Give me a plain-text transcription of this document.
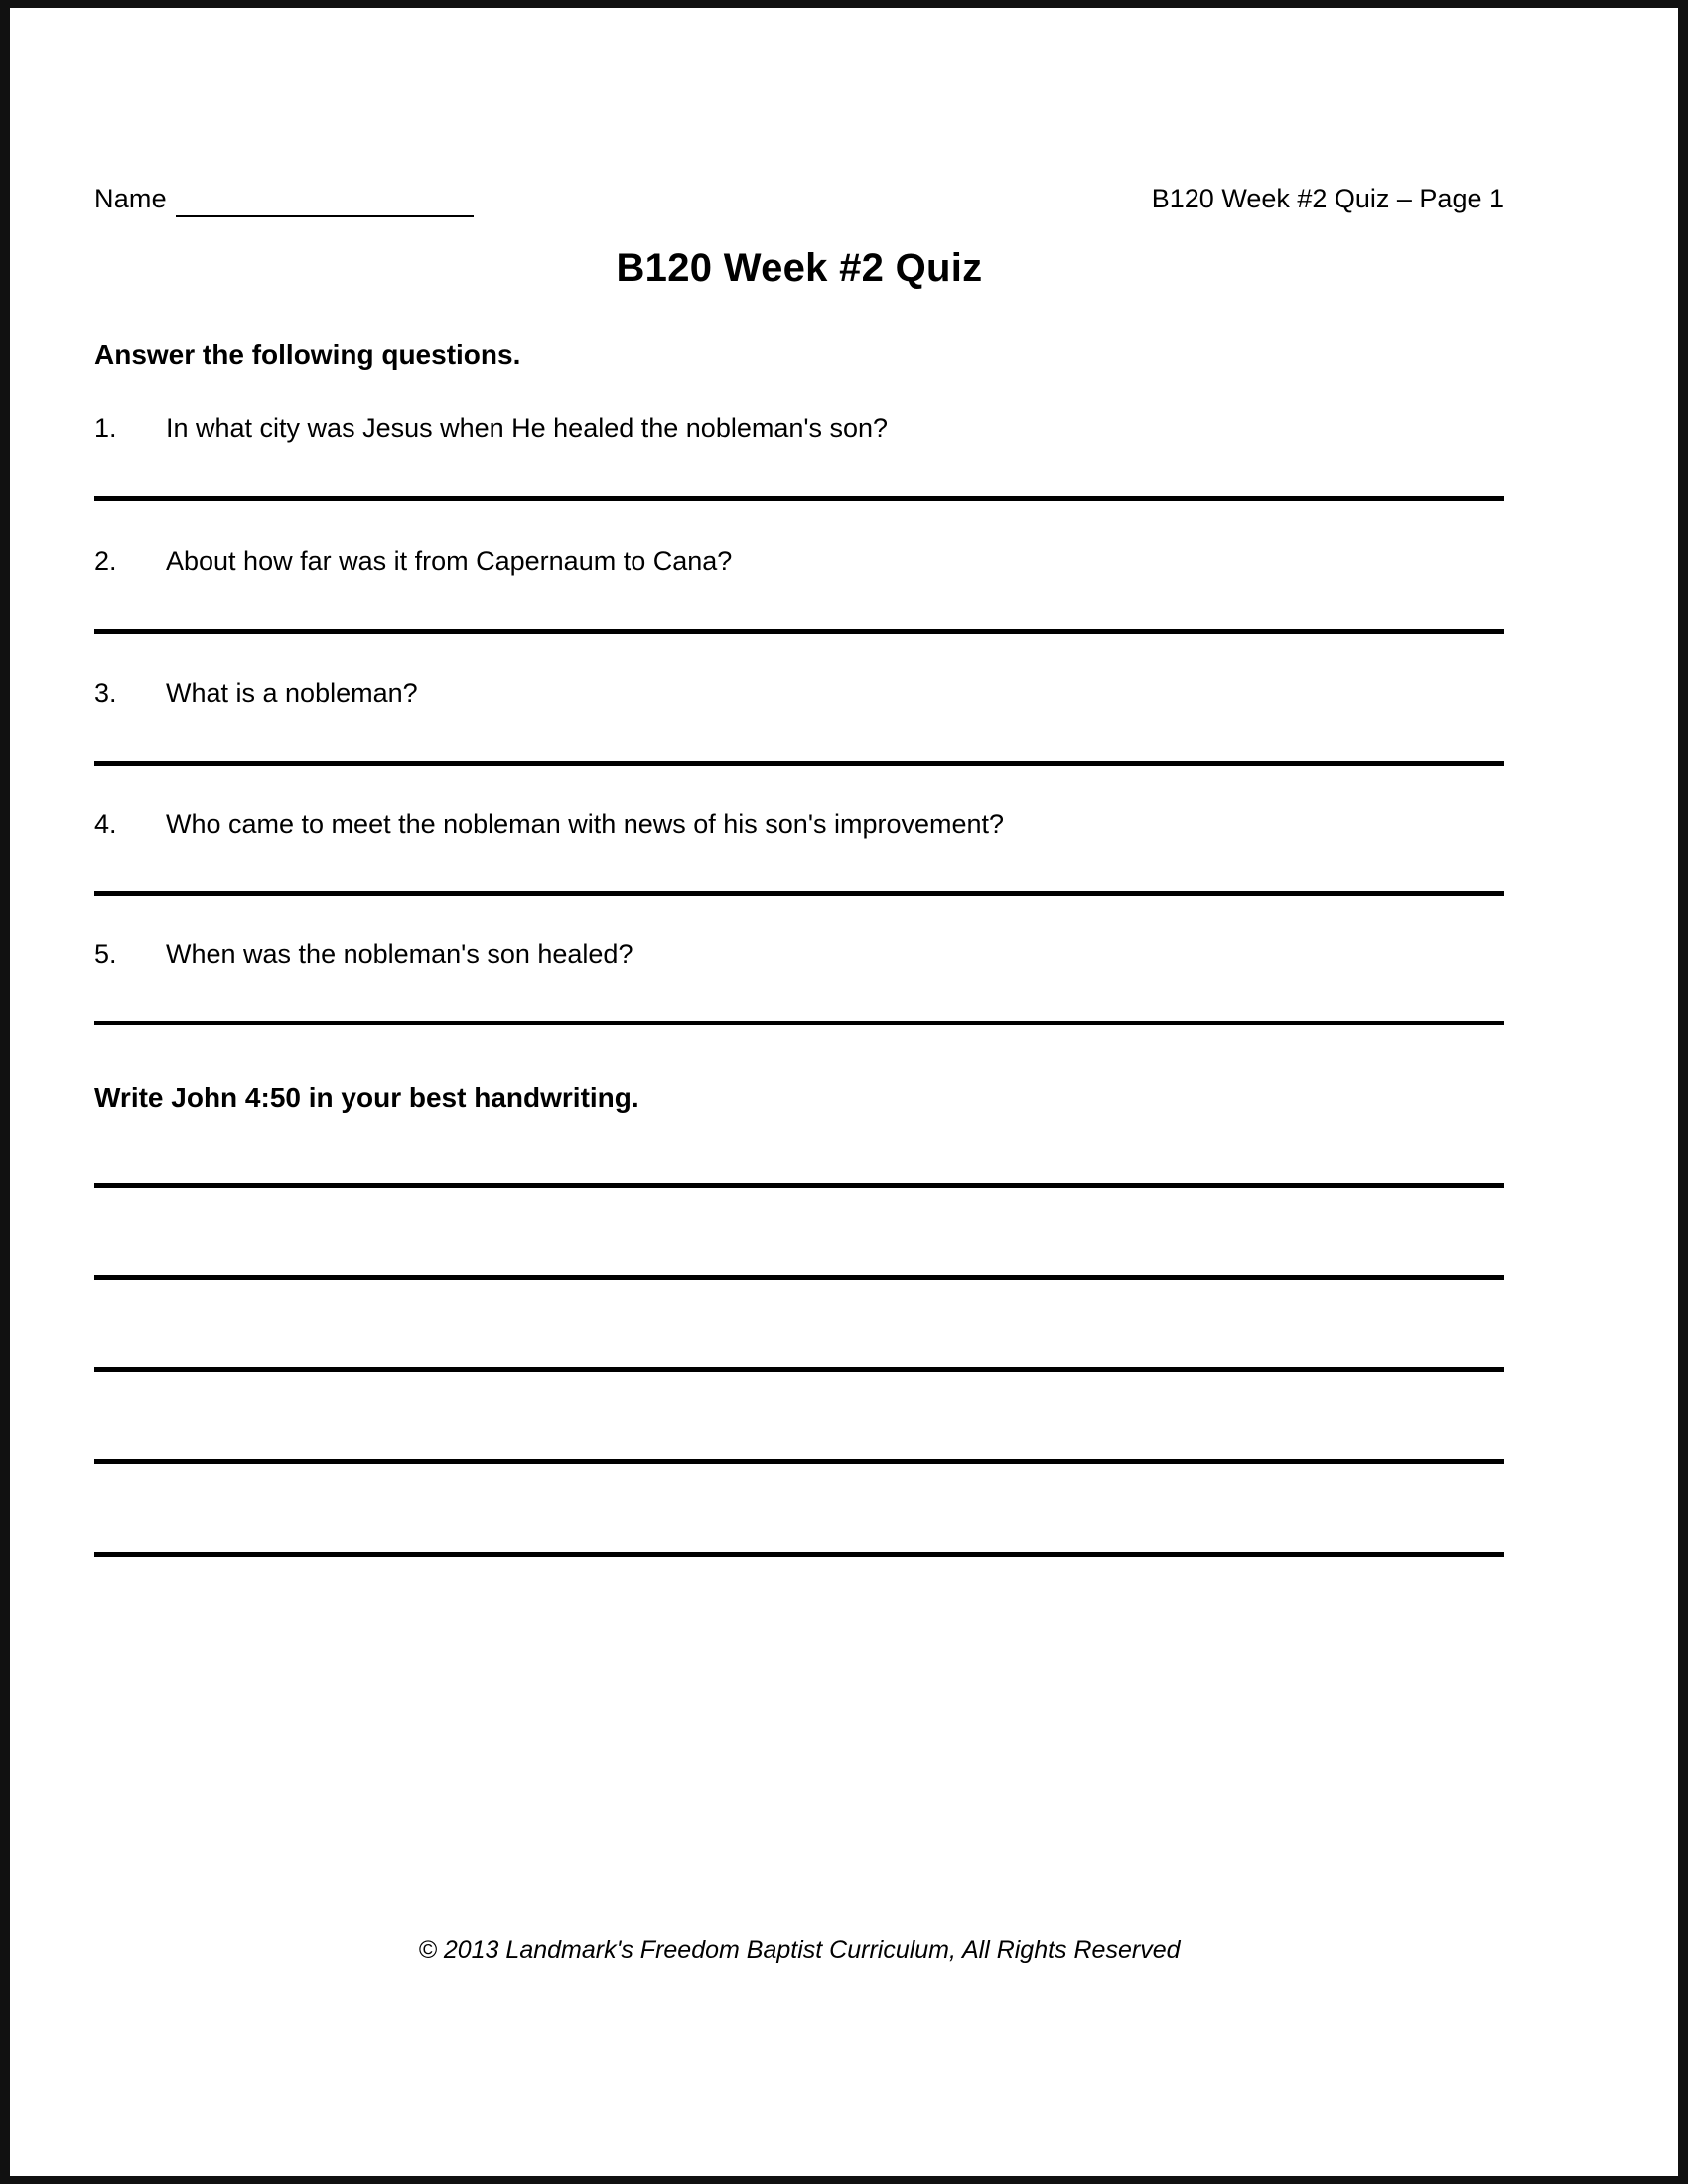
Name	B120 Week #2 Quiz – Page 1
B120 Week #2 Quiz
Answer the following questions.
1. In what city was Jesus when He healed the nobleman's son?
2. About how far was it from Capernaum to Cana?
3. What is a nobleman?
4. Who came to meet the nobleman with news of his son's improvement?
5. When was the nobleman's son healed?
Write John 4:50 in your best handwriting.
© 2013 Landmark's Freedom Baptist Curriculum, All Rights Reserved
